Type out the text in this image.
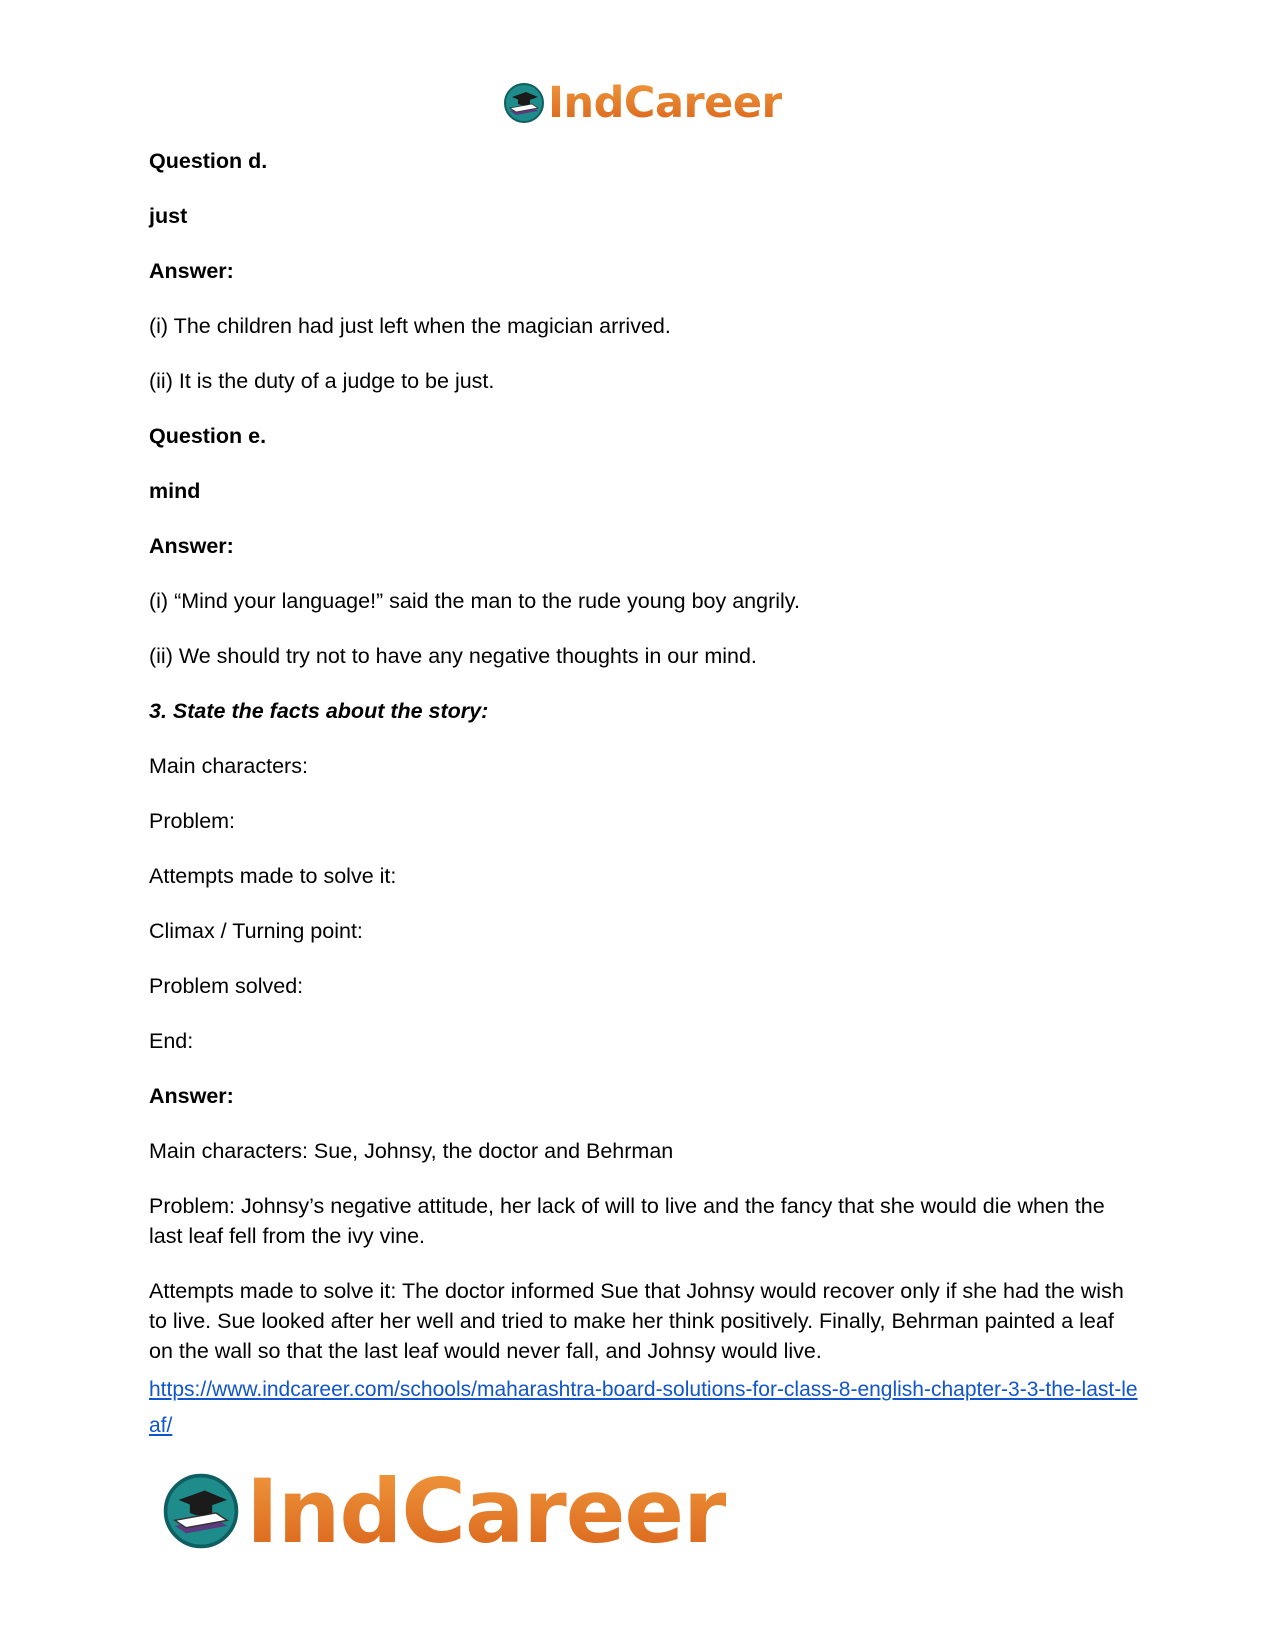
IndCareer

Question d.

just

Answer:

(i) The children had just left when the magician arrived.

(ii) It is the duty of a judge to be just.

Question e.

mind

Answer:

(i) “Mind your language!” said the man to the rude young boy angrily.

(ii) We should try not to have any negative thoughts in our mind.

3. State the facts about the story:

Main characters:

Problem:

Attempts made to solve it:

Climax / Turning point:

Problem solved:

End:

Answer:

Main characters: Sue, Johnsy, the doctor and Behrman

Problem: Johnsy’s negative attitude, her lack of will to live and the fancy that she would die when the last leaf fell from the ivy vine.

Attempts made to solve it: The doctor informed Sue that Johnsy would recover only if she had the wish to live. Sue looked after her well and tried to make her think positively. Finally, Behrman painted a leaf on the wall so that the last leaf would never fall, and Johnsy would live.

https://www.indcareer.com/schools/maharashtra-board-solutions-for-class-8-english-chapter-3-3-the-last-leaf/
IndCareer
